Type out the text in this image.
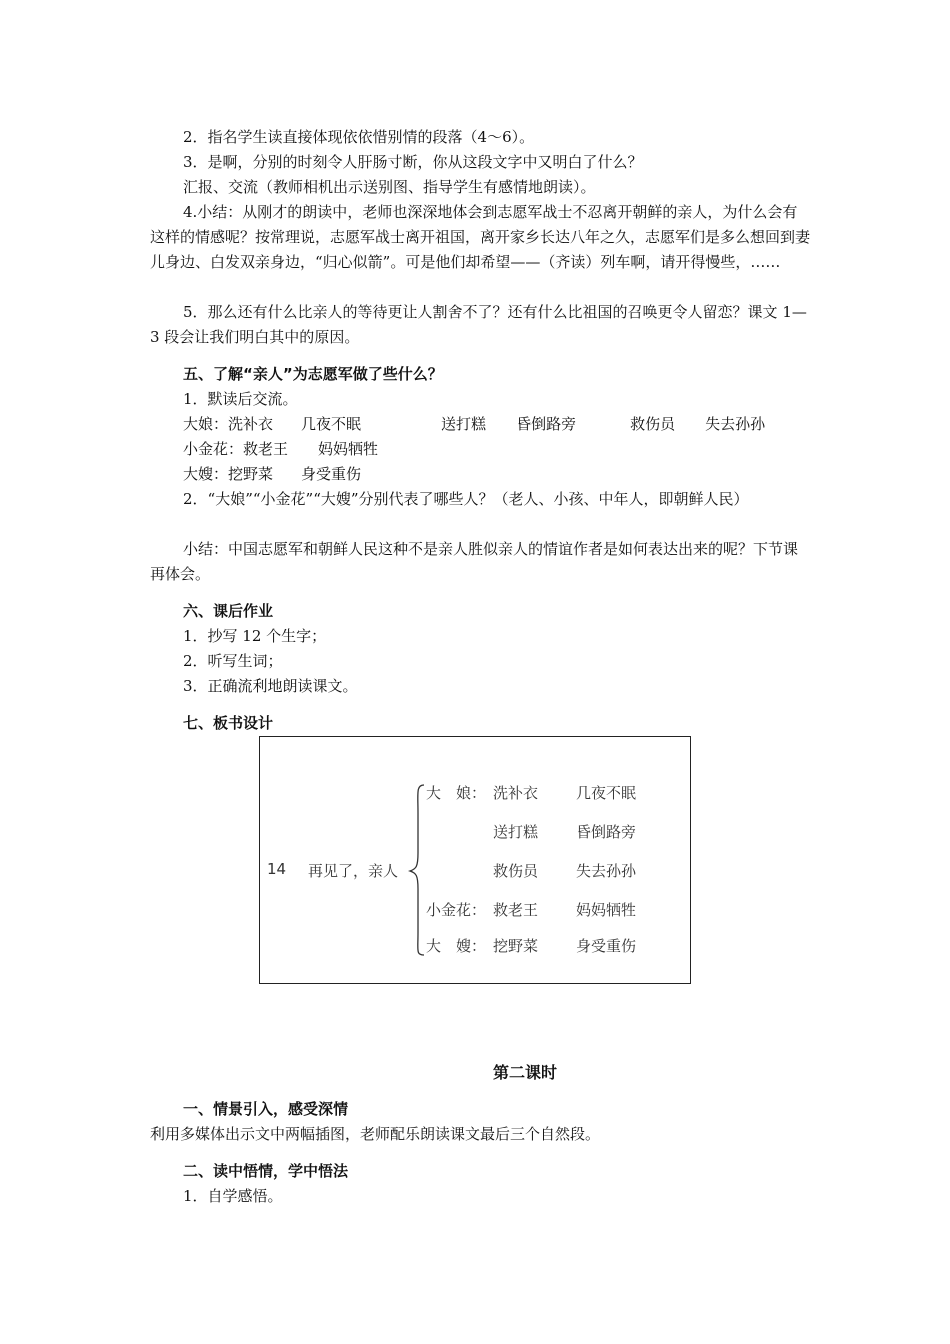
2．指名学生读直接体现依依惜别情的段落（4～6）。
3．是啊，分别的时刻令人肝肠寸断，你从这段文字中又明白了什么？
汇报、交流（教师相机出示送别图、指导学生有感情地朗读）。
4.小结：从刚才的朗读中，老师也深深地体会到志愿军战士不忍离开朝鲜的亲人，为什么会有这样的情感呢？按常理说，志愿军战士离开祖国，离开家乡长达八年之久，志愿军们是多么想回到妻儿身边、白发双亲身边，“归心似箭”。可是他们却希望——（齐读）列车啊，请开得慢些，……
5．那么还有什么比亲人的等待更让人割舍不了？还有什么比祖国的召唤更令人留恋？课文 1—3 段会让我们明白其中的原因。
五、了解“亲人”为志愿军做了些什么？
1．默读后交流。
大娘：洗补衣 几夜不眠	送打糕 昏倒路旁	救伤员 失去孙孙
小金花：救老王 妈妈牺牲
大嫂：挖野菜 身受重伤
2．“大娘”“小金花”“大嫂”分别代表了哪些人？（老人、小孩、中年人，即朝鲜人民）
小结：中国志愿军和朝鲜人民这种不是亲人胜似亲人的情谊作者是如何表达出来的呢？下节课再体会。
六、课后作业
1．抄写 12 个生字；
2．听写生词；
3．正确流利地朗读课文。
七、板书设计
14 再见了，亲人
大　娘： 洗补衣	几夜不眠
送打糕	昏倒路旁
救伤员	失去孙孙
小金花： 救老王	妈妈牺牲
大　嫂： 挖野菜	身受重伤
第二课时
一、情景引入，感受深情
利用多媒体出示文中两幅插图，老师配乐朗读课文最后三个自然段。
二、读中悟情，学中悟法
1．自学感悟。
